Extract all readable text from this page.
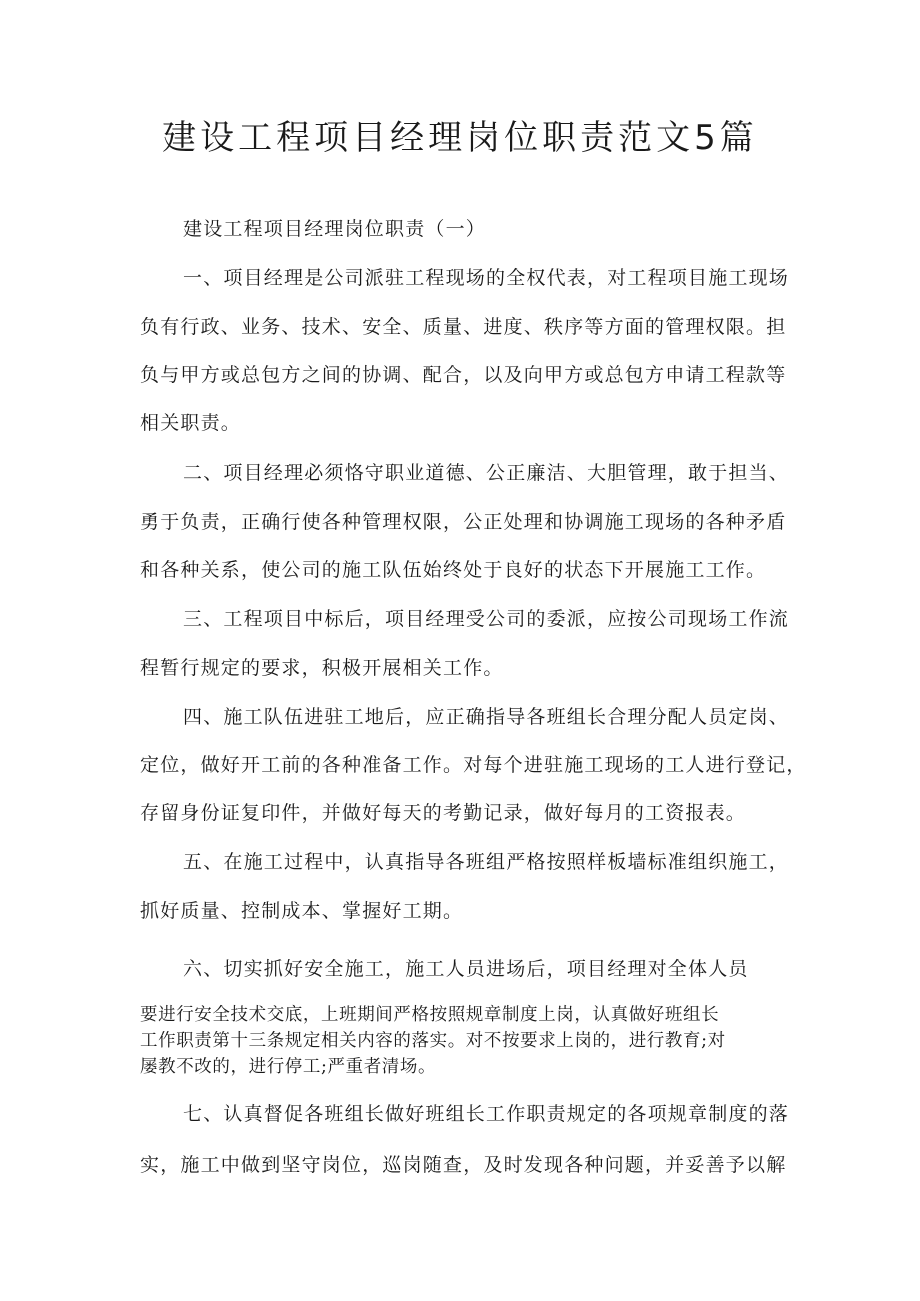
建设工程项目经理岗位职责范文5篇
建设工程项目经理岗位职责（一）
一、项目经理是公司派驻工程现场的全权代表，对工程项目施工现场
负有行政、业务、技术、安全、质量、进度、秩序等方面的管理权限。担
负与甲方或总包方之间的协调、配合，以及向甲方或总包方申请工程款等
相关职责。
二、项目经理必须恪守职业道德、公正廉洁、大胆管理，敢于担当、
勇于负责，正确行使各种管理权限，公正处理和协调施工现场的各种矛盾
和各种关系，使公司的施工队伍始终处于良好的状态下开展施工工作。
三、工程项目中标后，项目经理受公司的委派，应按公司现场工作流
程暂行规定的要求，积极开展相关工作。
四、施工队伍进驻工地后，应正确指导各班组长合理分配人员定岗、
定位，做好开工前的各种准备工作。对每个进驻施工现场的工人进行登记，
存留身份证复印件，并做好每天的考勤记录，做好每月的工资报表。
五、在施工过程中，认真指导各班组严格按照样板墙标准组织施工，
抓好质量、控制成本、掌握好工期。
六、切实抓好安全施工，施工人员进场后，项目经理对全体人员
要进行安全技术交底，上班期间严格按照规章制度上岗，认真做好班组长
工作职责第十三条规定相关内容的落实。对不按要求上岗的，进行教育;对
屡教不改的，进行停工;严重者清场。
七、认真督促各班组长做好班组长工作职责规定的各项规章制度的落
实，施工中做到坚守岗位，巡岗随查，及时发现各种问题，并妥善予以解
